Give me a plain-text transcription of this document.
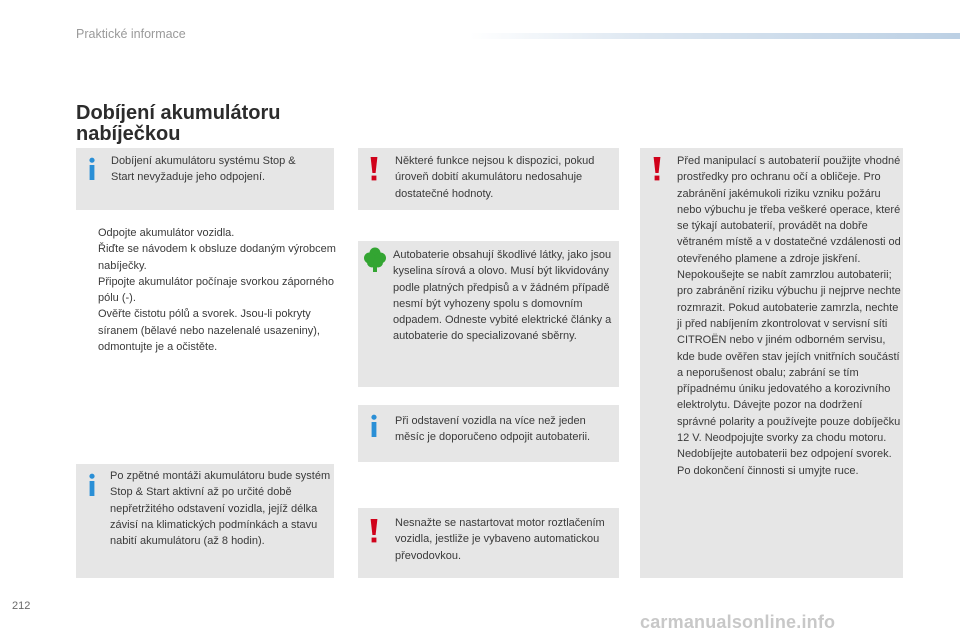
Praktické informace
Dobíjení akumulátoru nabíječkou
Dobíjení akumulátoru systému Stop & Start nevyžaduje jeho odpojení.
Odpojte akumulátor vozidla.
Řiďte se návodem k obsluze dodaným výrobcem nabíječky.
Připojte akumulátor počínaje svorkou záporného pólu (-).
Ověřte čistotu pólů a svorek. Jsou-li pokryty síranem (bělavé nebo nazelenalé usazeniny), odmontujte je a očistěte.
Po zpětné montáži akumulátoru bude systém Stop & Start aktivní až po určité době nepřetržitého odstavení vozidla, jejíž délka závisí na klimatických podmínkách a stavu nabití akumulátoru (až 8 hodin).
Některé funkce nejsou k dispozici, pokud úroveň dobití akumulátoru nedosahuje dostatečné hodnoty.
Autobaterie obsahují škodlivé látky, jako jsou kyselina sírová a olovo. Musí být likvidovány podle platných předpisů a v žádném případě nesmí být vyhozeny spolu s domovním odpadem. Odneste vybité elektrické články a autobaterie do specializované sběrny.
Při odstavení vozidla na více než jeden měsíc je doporučeno odpojit autobaterii.
Nesnažte se nastartovat motor roztlačením vozidla, jestliže je vybaveno automatickou převodovkou.
Před manipulací s autobaterií použijte vhodné prostředky pro ochranu očí a obličeje. Pro zabránění jakémukoli riziku vzniku požáru nebo výbuchu je třeba veškeré operace, které se týkají autobaterií, provádět na dobře větraném místě a v dostatečné vzdálenosti od otevřeného plamene a zdroje jiskření. Nepokoušejte se nabít zamrzlou autobaterii; pro zabránění riziku výbuchu ji nejprve nechte rozmrazit. Pokud autobaterie zamrzla, nechte ji před nabíjením zkontrolovat v servisní síti CITROËN nebo v jiném odborném servisu, kde bude ověřen stav jejích vnitřních součástí a neporušenost obalu; zabrání se tím případnému úniku jedovatého a korozivního elektrolytu. Dávejte pozor na dodržení správné polarity a používejte pouze dobíječku 12 V. Neodpojujte svorky za chodu motoru. Nedobíjejte autobaterii bez odpojení svorek. Po dokončení činnosti si umyjte ruce.
212
carmanualsonline.info
